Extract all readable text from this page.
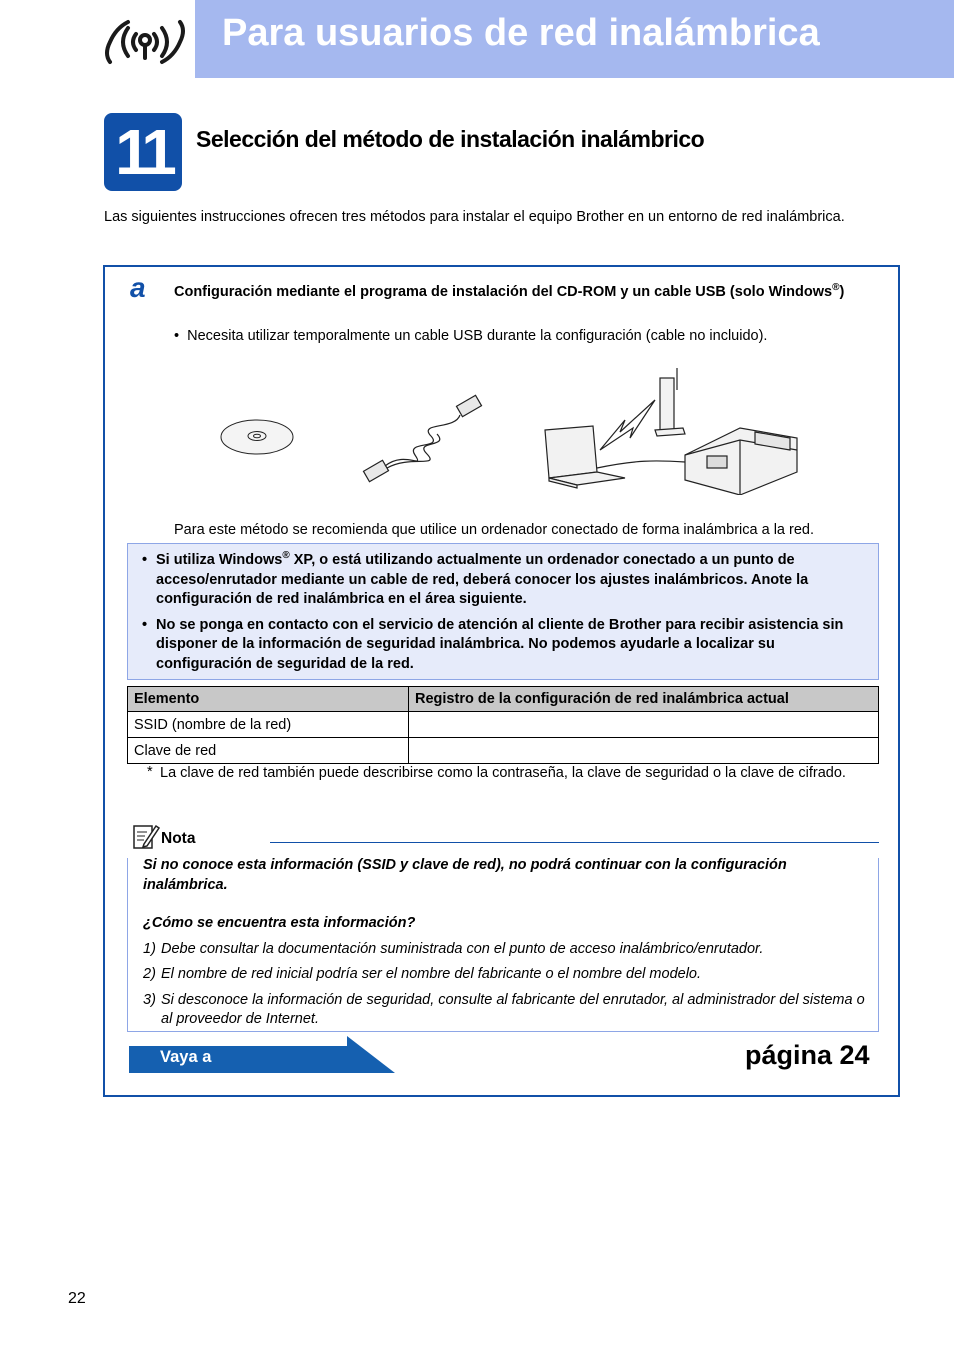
Para usuarios de red inalámbrica
11	Selección del método de instalación inalámbrico
Las siguientes instrucciones ofrecen tres métodos para instalar el equipo Brother en un entorno de red inalámbrica.
a Configuración mediante el programa de instalación del CD-ROM y un cable USB (solo Windows®)
•  Necesita utilizar temporalmente un cable USB durante la configuración (cable no incluido).
Para este método se recomienda que utilice un ordenador conectado de forma inalámbrica a la red.
• Si utiliza Windows® XP, o está utilizando actualmente un ordenador conectado a un punto de acceso/enrutador mediante un cable de red, deberá conocer los ajustes inalámbricos. Anote la configuración de red inalámbrica en el área siguiente.
• No se ponga en contacto con el servicio de atención al cliente de Brother para recibir asistencia sin disponer de la información de seguridad inalámbrica. No podemos ayudarle a localizar su configuración de seguridad de la red.
Elemento	Registro de la configuración de red inalámbrica actual
SSID (nombre de la red)	
Clave de red	
* La clave de red también puede describirse como la contraseña, la clave de seguridad o la clave de cifrado.
Nota

Si no conoce esta información (SSID y clave de red), no podrá continuar con la configuración inalámbrica.

¿Cómo se encuentra esta información?

1) Debe consultar la documentación suministrada con el punto de acceso inalámbrico/enrutador.
2) El nombre de red inicial podría ser el nombre del fabricante o el nombre del modelo.
3) Si desconoce la información de seguridad, consulte al fabricante del enrutador, al administrador del sistema o al proveedor de Internet.
Vaya a	página 24
22
